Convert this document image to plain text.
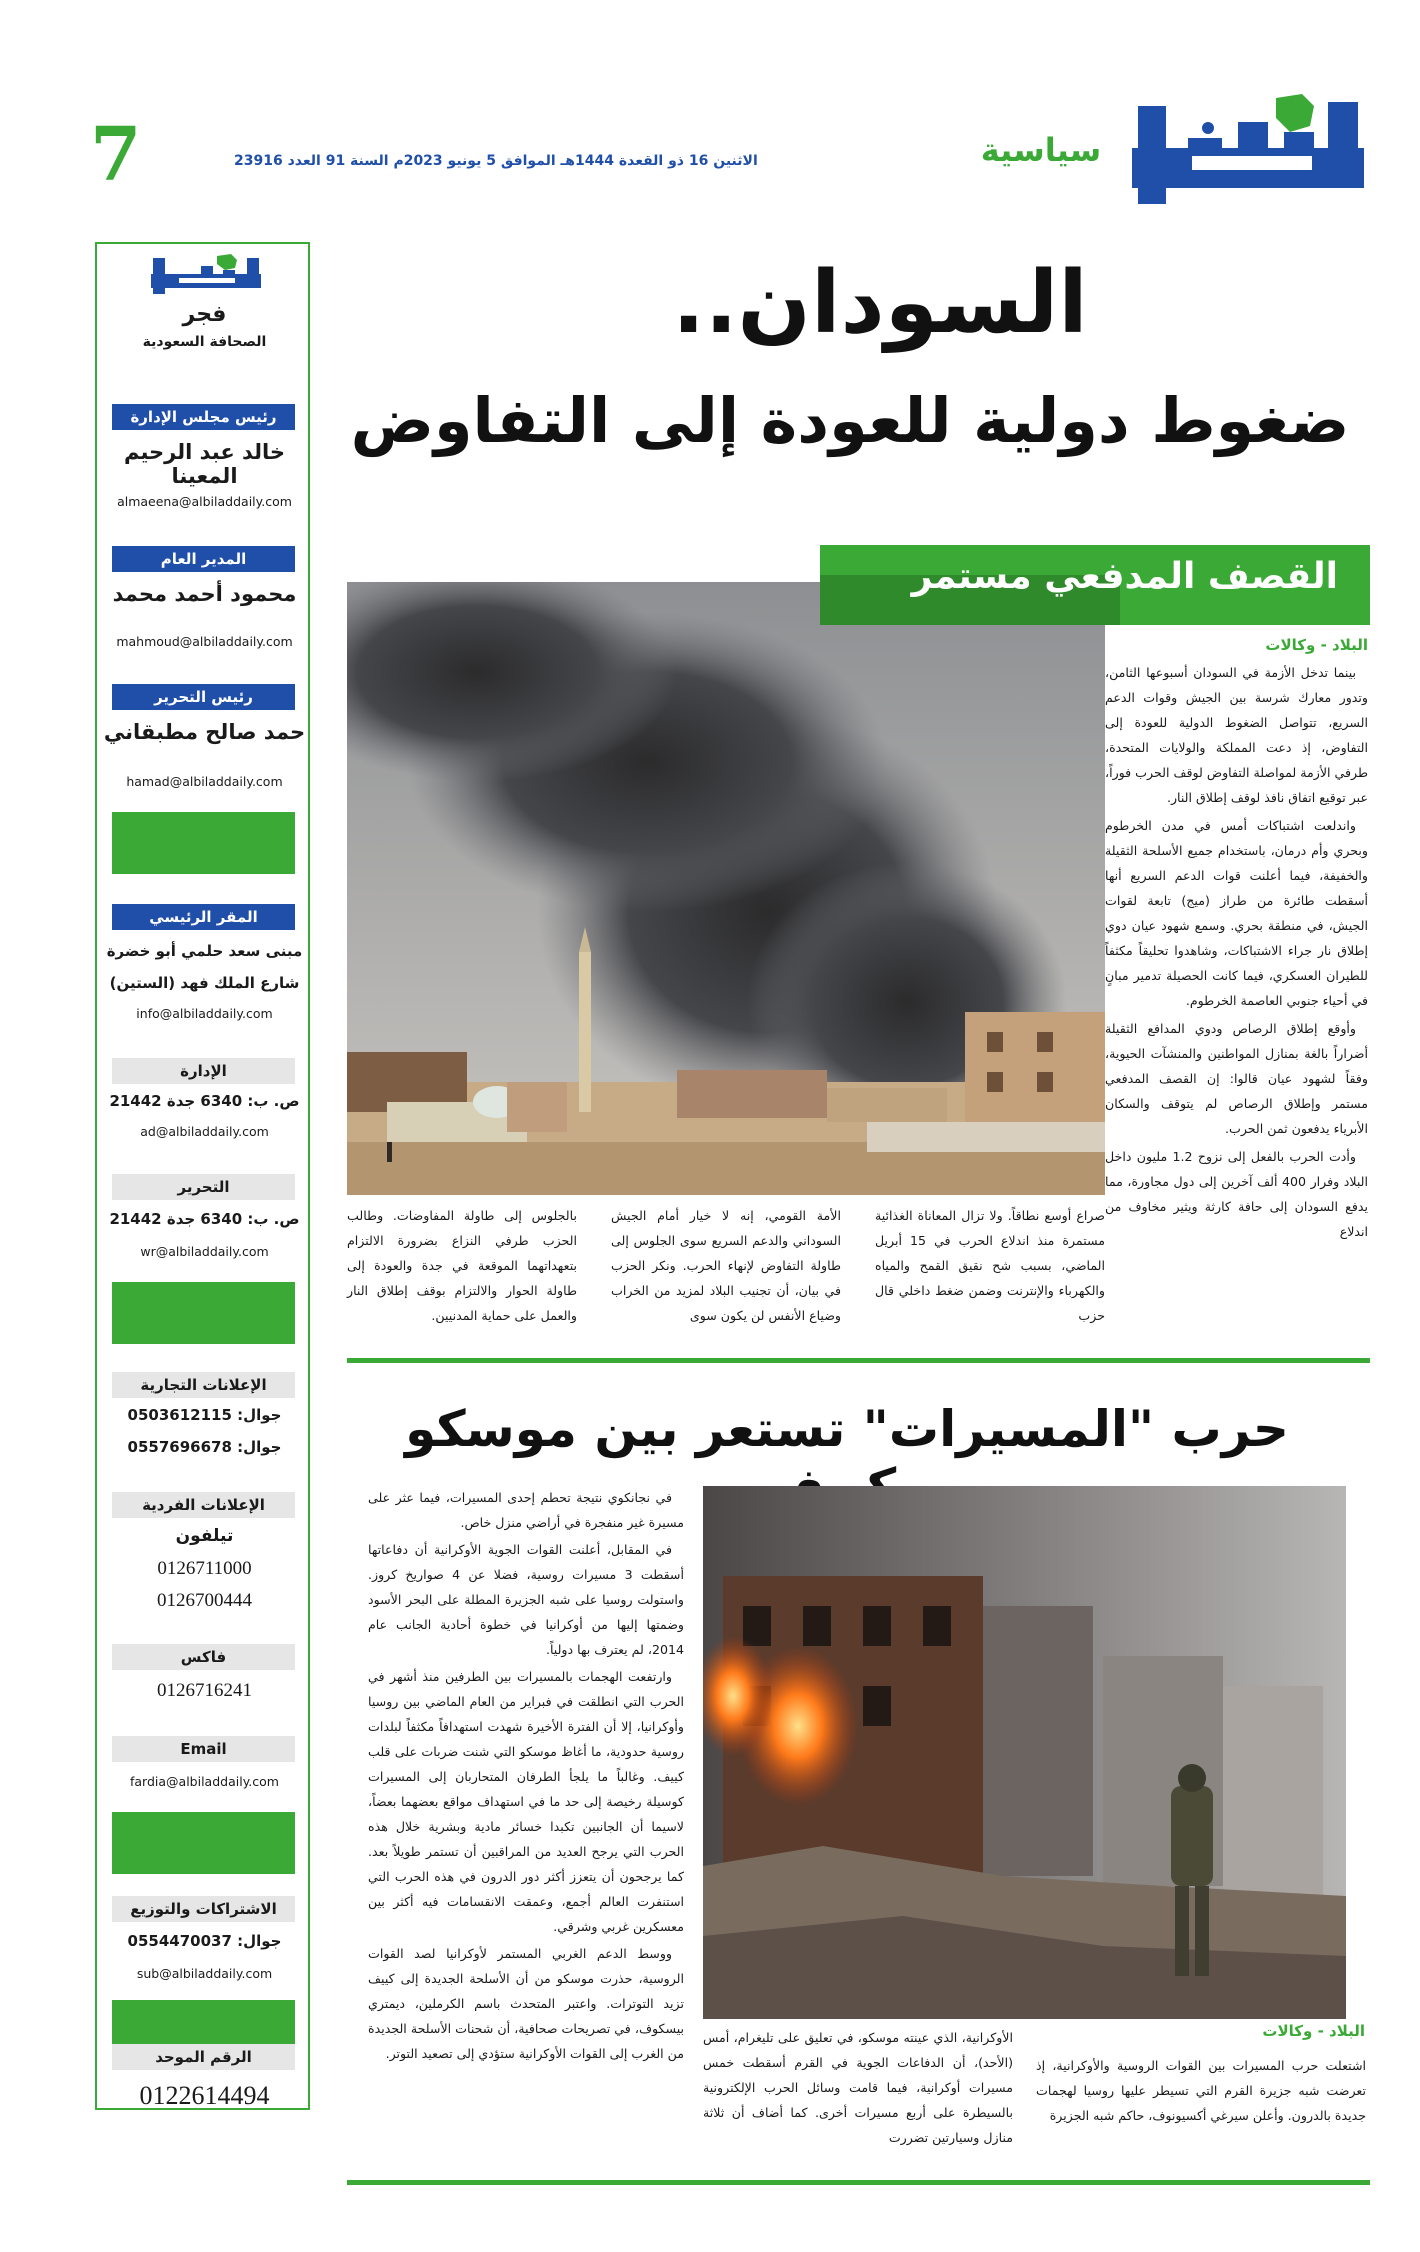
7	الاثنين 16 ذو القعدة 1444هـ الموافق 5 يونيو 2023م السنة 91 العدد 23916	سياسية
فجر
الصحافة السعودية
رئيس مجلس الإدارة
خالد عبد الرحيم المعينا
almaeena@albiladdaily.com
المدير العام
محمود أحمد محمد
mahmoud@albiladdaily.com
رئيس التحرير
حمد صالح مطبقاني
hamad@albiladdaily.com
المقر الرئيسي
مبنى سعد حلمي أبو خضرة
شارع الملك فهد (الستين)
info@albiladdaily.com
الإدارة
ص. ب: 6340 جدة 21442
ad@albiladdaily.com
التحرير
ص. ب: 6340 جدة 21442
wr@albiladdaily.com
الإعلانات التجارية
جوال: 0503612115
جوال: 0557696678
الإعلانات الفردية
تيلفون
0126711000
0126700444
فاكس
0126716241
Email
fardia@albiladdaily.com
الاشتراكات والتوزيع
جوال: 0554470037
sub@albiladdaily.com
الرقم الموحد
0122614494
السودان..
ضغوط دولية للعودة إلى التفاوض
القصف المدفعي مستمر
البلاد - وكالات

بينما تدخل الأزمة في السودان أسبوعها الثامن، وتدور معارك شرسة بين الجيش وقوات الدعم السريع، تتواصل الضغوط الدولية للعودة إلى التفاوض، إذ دعت المملكة والولايات المتحدة، طرفي الأزمة لمواصلة التفاوض لوقف الحرب فوراً، عبر توقيع اتفاق نافذ لوقف إطلاق النار.

واندلعت اشتباكات أمس في مدن الخرطوم وبحري وأم درمان، باستخدام جميع الأسلحة الثقيلة والخفيفة، فيما أعلنت قوات الدعم السريع أنها أسقطت طائرة من طراز (ميج) تابعة لقوات الجيش، في منطقة بحري. وسمع شهود عيان دوي إطلاق نار جراء الاشتباكات، وشاهدوا تحليقاً مكثفاً للطيران العسكري، فيما كانت الحصيلة تدمير مبانٍ في أحياء جنوبي العاصمة الخرطوم.

وأوقع إطلاق الرصاص ودوي المدافع الثقيلة أضراراً بالغة بمنازل المواطنين والمنشآت الحيوية، وفقاً لشهود عيان قالوا: إن القصف المدفعي مستمر وإطلاق الرصاص لم يتوقف والسكان الأبرياء يدفعون ثمن الحرب.

وأدت الحرب بالفعل إلى نزوح 1.2 مليون داخل البلاد وفرار 400 ألف آخرين إلى دول مجاورة، مما يدفع السودان إلى حافة كارثة ويثير مخاوف من اندلاع

صراع أوسع نطاقاً. ولا تزال المعاناة الغذائية مستمرة منذ اندلاع الحرب في 15 أبريل الماضي، بسبب شح نقيق القمح والمياه والكهرباء والإنترنت وضمن ضغط داخلي قال حزب
الأمة القومي، إنه لا خيار أمام الجيش السوداني والدعم السريع سوى الجلوس إلى طاولة التفاوض لإنهاء الحرب. ونكر الحزب في بيان، أن تجنيب البلاد لمزيد من الخراب وضياع الأنفس لن يكون سوى
بالجلوس إلى طاولة المفاوضات. وطالب الحزب طرفي النزاع بضرورة الالتزام بتعهداتهما الموقعة في جدة والعودة إلى طاولة الحوار والالتزام بوقف إطلاق النار والعمل على حماية المدنيين.
حرب "المسيرات" تستعر بين موسكو

في نجانكوي نتيجة تحطم إحدى المسيرات، فيما عثر على مسيرة غير منفجرة في أراضي منزل خاص.

في المقابل، أعلنت القوات الجوية الأوكرانية أن دفاعاتها أسقطت 3 مسيرات روسية، فضلا عن 4 صواريخ كروز. واستولت روسيا على شبه الجزيرة المطلة على البحر الأسود وضمتها إليها من أوكرانيا في خطوة أحادية الجانب عام 2014، لم يعترف بها دولياً.

وارتفعت الهجمات بالمسيرات بين الطرفين منذ أشهر في الحرب التي انطلقت في فبراير من العام الماضي بين روسيا وأوكرانيا، إلا أن الفترة الأخيرة شهدت استهدافاً مكثفاً لبلدات روسية حدودية، ما أغاظ موسكو التي شنت ضربات على قلب كييف. وغالباً ما يلجأ الطرفان المتحاربان إلى المسيرات كوسيلة رخيصة إلى حد ما في استهداف مواقع بعضهما بعضاً، لاسيما أن الجانبين تكبدا خسائر مادية وبشرية خلال هذه الحرب التي يرجح العديد من المراقبين أن تستمر طويلاً بعد. كما يرجحون أن يتعزز أكثر دور الدرون في هذه الحرب التي استنفرت العالم أجمع، وعمقت الانقسامات فيه أكثر بين معسكرين غربي وشرقي.

ووسط الدعم الغربي المستمر لأوكرانيا لصد القوات الروسية، حذرت موسكو من أن الأسلحة الجديدة إلى كييف تزيد التوترات. واعتبر المتحدث باسم الكرملين، ديمتري بيسكوف، في تصريحات صحافية، أن شحنات الأسلحة الجديدة من الغرب إلى القوات الأوكرانية ستؤدي إلى تصعيد التوتر.

الأوكرانية، الذي عينته موسكو، في تعليق على تليغرام، أمس (الأحد)، أن الدفاعات الجوية في القرم أسقطت خمس مسيرات أوكرانية، فيما قامت وسائل الحرب الإلكترونية بالسيطرة على أربع مسيرات أخرى. كما أضاف أن ثلاثة منازل وسيارتين تضررت
البلاد - وكالات
اشتعلت حرب المسيرات بين القوات الروسية والأوكرانية، إذ تعرضت شبه جزيرة القرم التي تسيطر عليها روسيا لهجمات جديدة بالدرون. وأعلن سيرغي أكسيونوف، حاكم شبه الجزيرة
